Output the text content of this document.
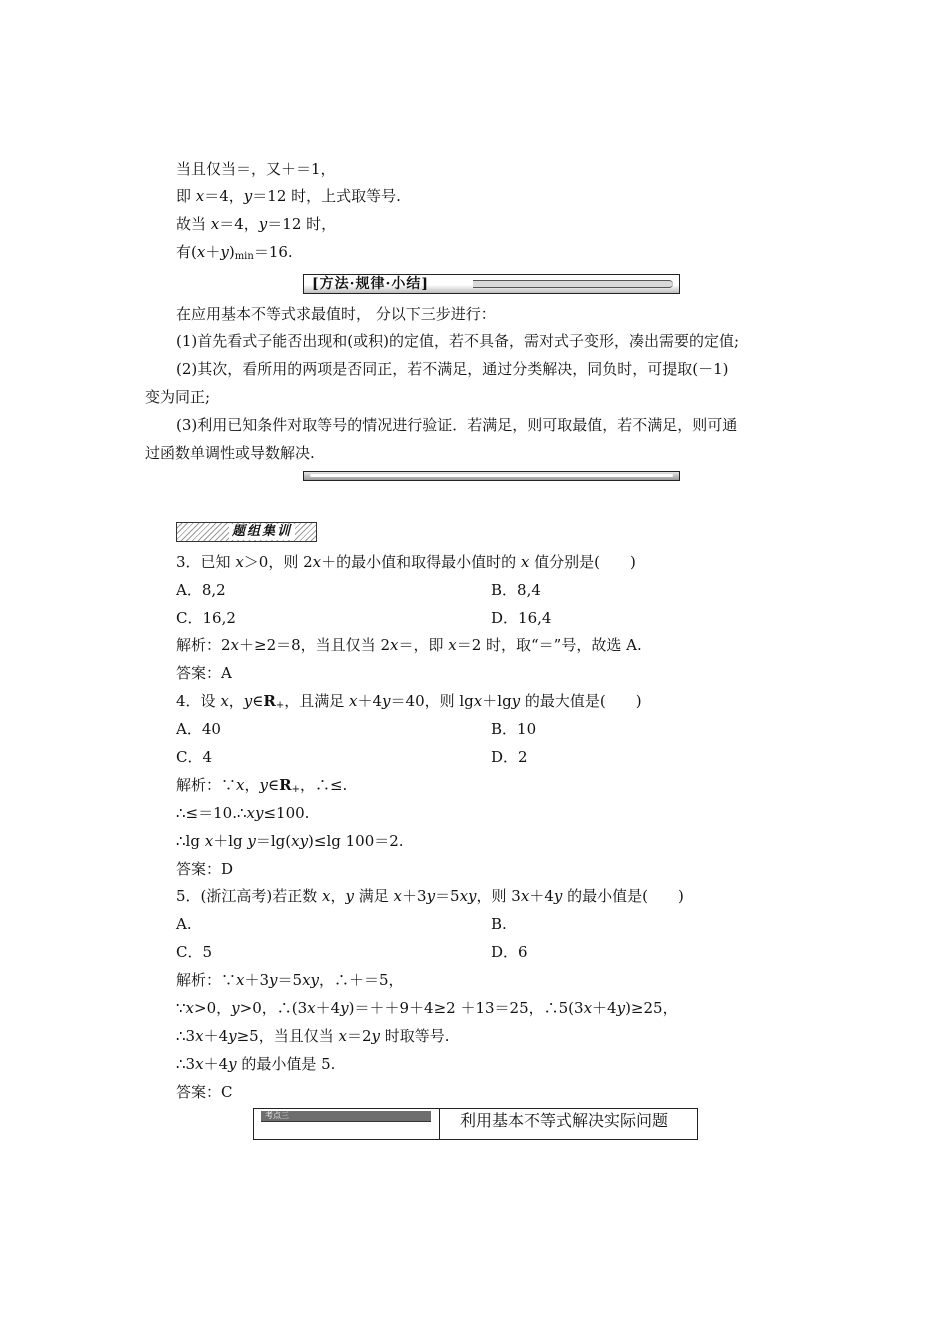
当且仅当＝，又＋＝1，
即 x＝4，y＝12 时，上式取等号.
故当 x＝4，y＝12 时，
有$(x+y)_{min}=16$.
[方法·规律·小结]
在应用基本不等式求最值时， 分以下三步进行：
(1)首先看式子能否出现和(或积)的定值，若不具备，需对式子变形，凑出需要的定值;
(2)其次，看所用的两项是否同正，若不满足，通过分类解决，同负时，可提取(－1)
变为同正;
(3)利用已知条件对取等号的情况进行验证．若满足，则可取最值，若不满足，则可通
过函数单调性或导数解决.
题组集训
3．已知 x＞0，则 2x＋的最小值和取得最小值时的 x 值分别是(　　)
A．8,2	B．8,4
C．16,2	D．16,4
解析：2x＋≥2＝8，当且仅当 2x＝，即 x＝2 时，取“＝”号，故选 A.
答案：A
4．设 x，$y\in R_+$，且满足 x＋4y＝40，则 lgx＋lgy 的最大值是(　　)
A．40	B．10
C．4	D．2
解析：∵x，$y\in R_+$，∴≤.
∴≤＝10.∴xy≤100.
∴lg x＋lg y＝lg(xy)≤lg 100＝2.
答案：D
5．(浙江高考)若正数 x，y 满足 x＋3y＝5xy，则 3x＋4y 的最小值是(　　)
A.	B.
C．5	D．6
解析：∵x＋3y＝5xy，∴＋＝5，
∵x>0，y>0，∴(3x＋4y)＝＋＋9＋4≥2 ＋13＝25，∴5(3x＋4y)≥25，
∴3x＋4y≥5，当且仅当 x＝2y 时取等号.
∴3x＋4y 的最小值是 5.
答案：C
考点三	利用基本不等式解决实际问题
